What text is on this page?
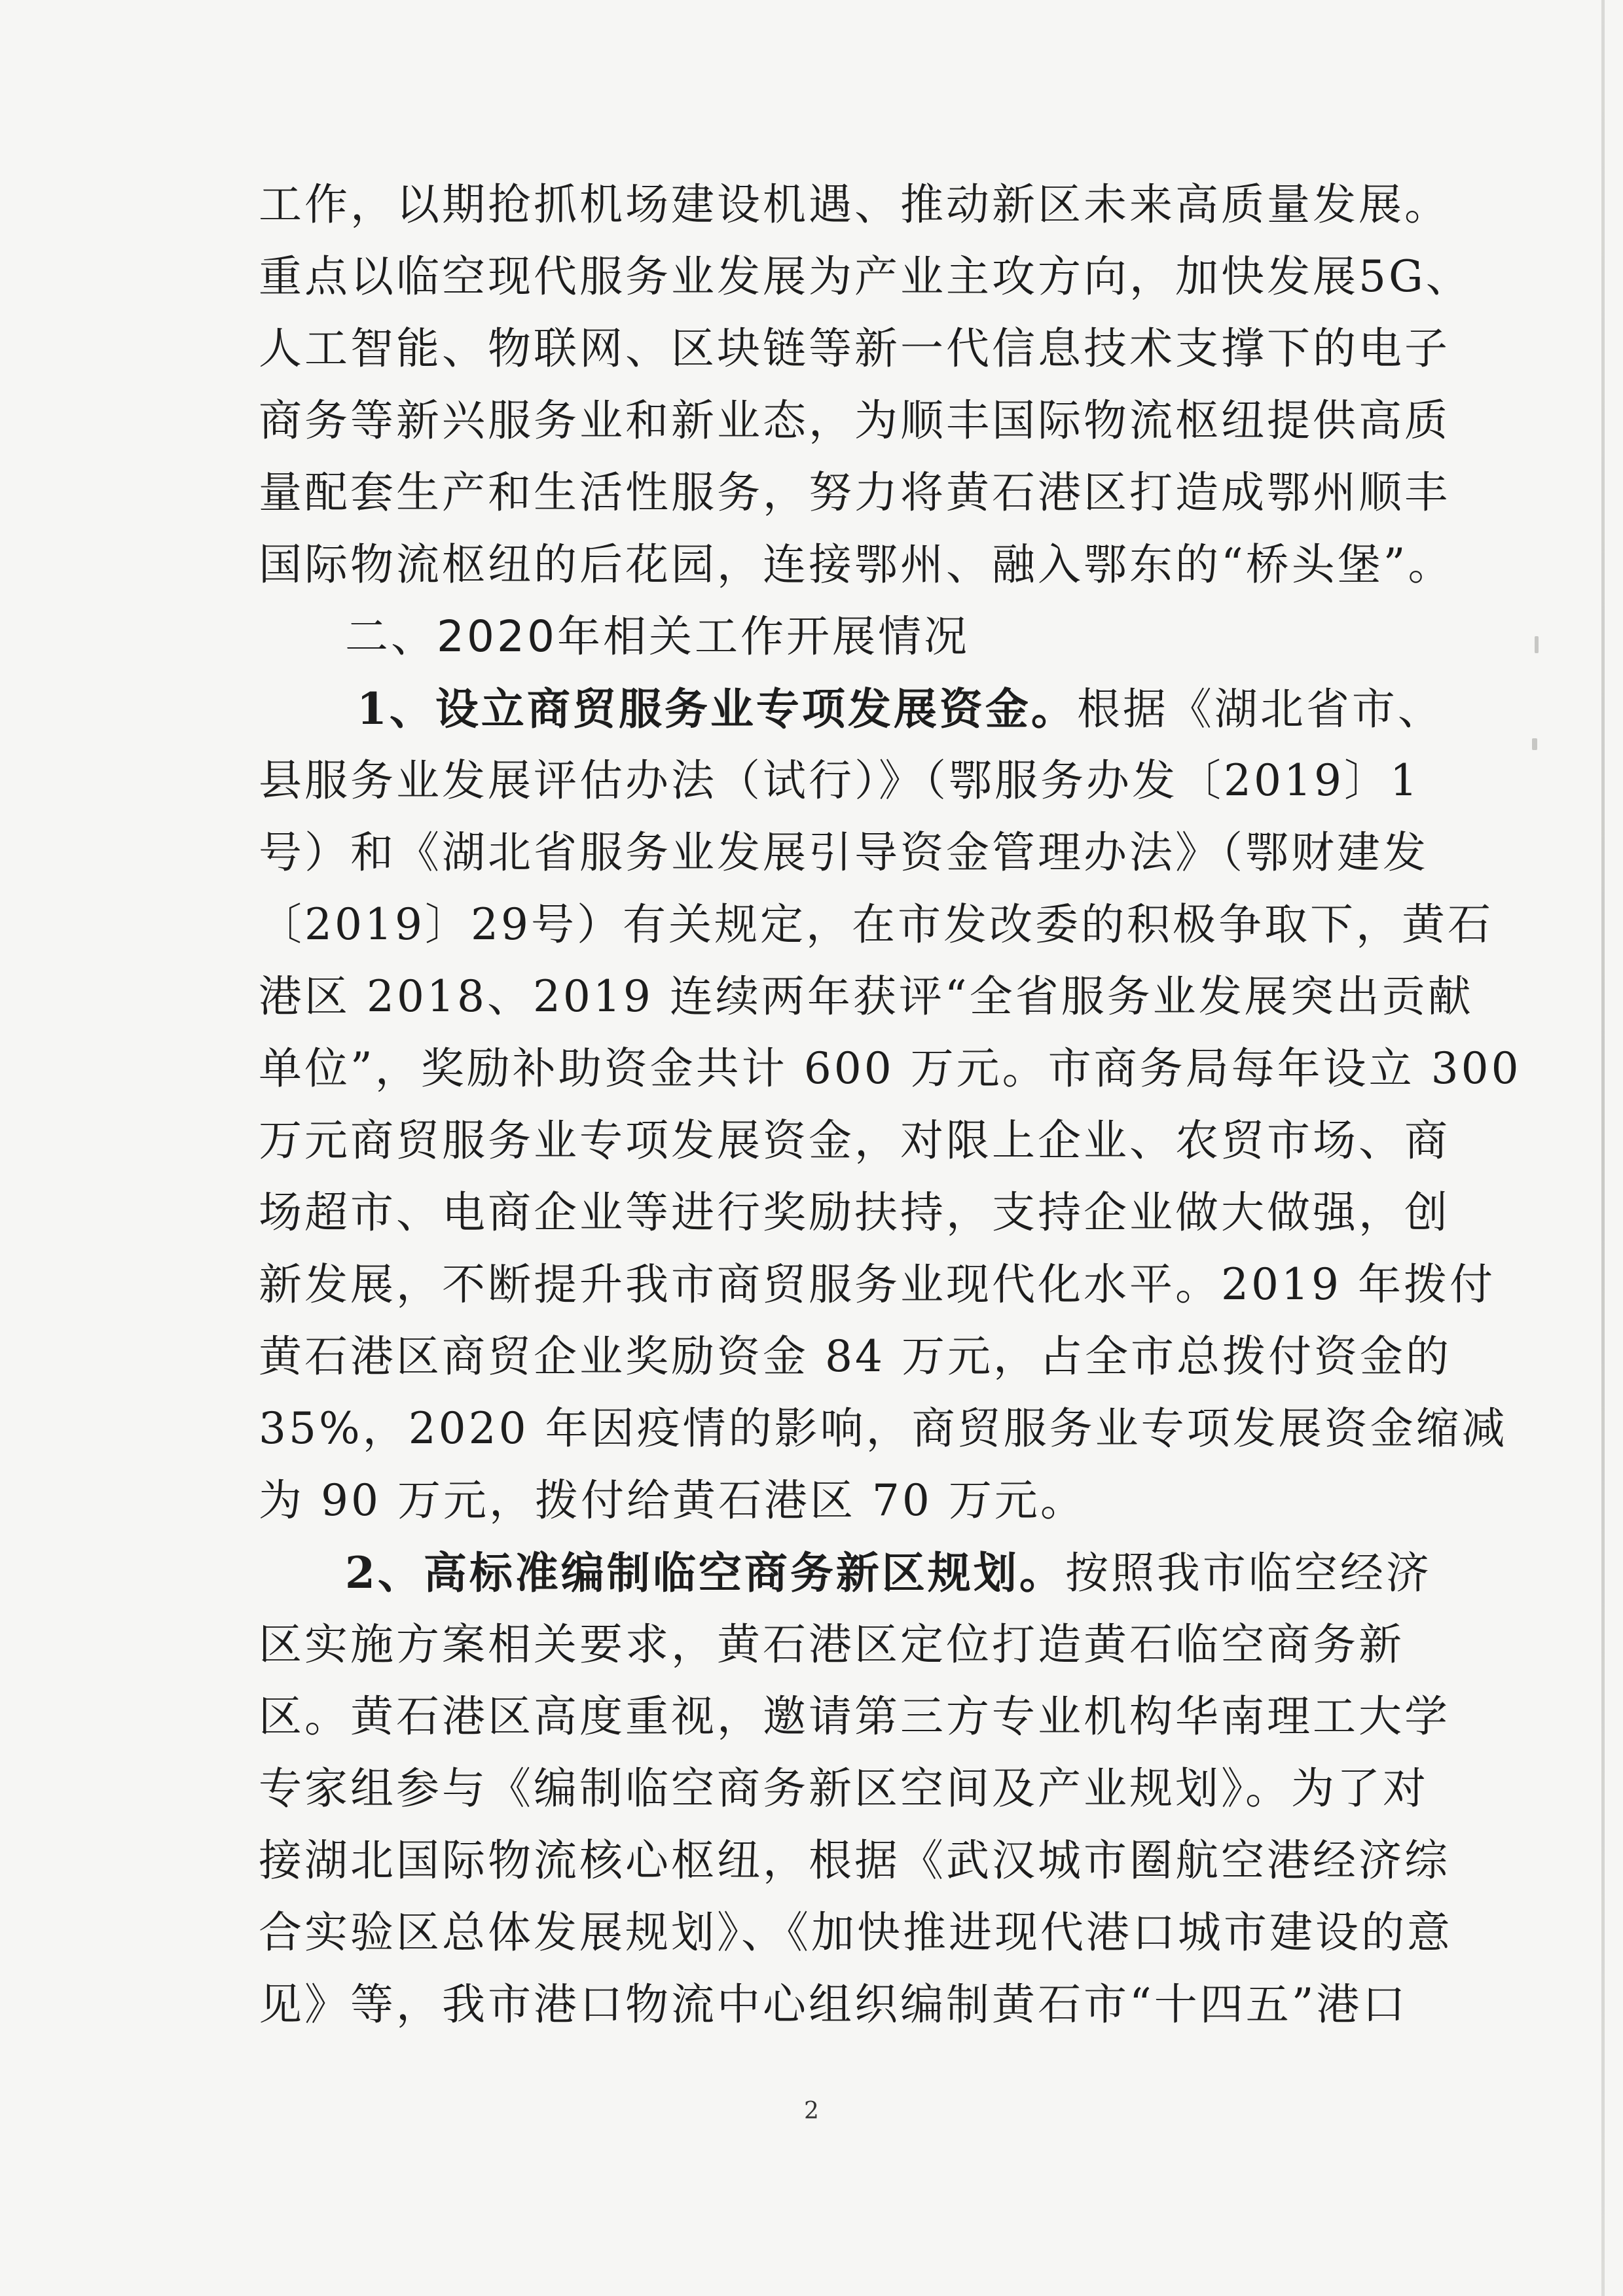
工作，以期抢抓机场建设机遇、推动新区未来高质量发展。
重点以临空现代服务业发展为产业主攻方向，加快发展5G、
人工智能、物联网、区块链等新一代信息技术支撑下的电子
商务等新兴服务业和新业态，为顺丰国际物流枢纽提供高质
量配套生产和生活性服务，努力将黄石港区打造成鄂州顺丰
国际物流枢纽的后花园，连接鄂州、融入鄂东的“桥头堡”。
二、2020年相关工作开展情况
1、设立商贸服务业专项发展资金。根据《湖北省市、
县服务业发展评估办法（试行）》（鄂服务办发〔2019〕1
号）和《湖北省服务业发展引导资金管理办法》（鄂财建发
〔2019〕29号）有关规定，在市发改委的积极争取下，黄石
港区 2018、2019 连续两年获评“全省服务业发展突出贡献
单位”，奖励补助资金共计 600 万元。市商务局每年设立 300
万元商贸服务业专项发展资金，对限上企业、农贸市场、商
场超市、电商企业等进行奖励扶持，支持企业做大做强，创
新发展，不断提升我市商贸服务业现代化水平。2019 年拨付
黄石港区商贸企业奖励资金 84 万元，占全市总拨付资金的
35%，2020 年因疫情的影响，商贸服务业专项发展资金缩减
为 90 万元，拨付给黄石港区 70 万元。
2、高标准编制临空商务新区规划。按照我市临空经济
区实施方案相关要求，黄石港区定位打造黄石临空商务新
区。黄石港区高度重视，邀请第三方专业机构华南理工大学
专家组参与《编制临空商务新区空间及产业规划》。为了对
接湖北国际物流核心枢纽，根据《武汉城市圈航空港经济综
合实验区总体发展规划》、《加快推进现代港口城市建设的意
见》等，我市港口物流中心组织编制黄石市“十四五”港口
2
